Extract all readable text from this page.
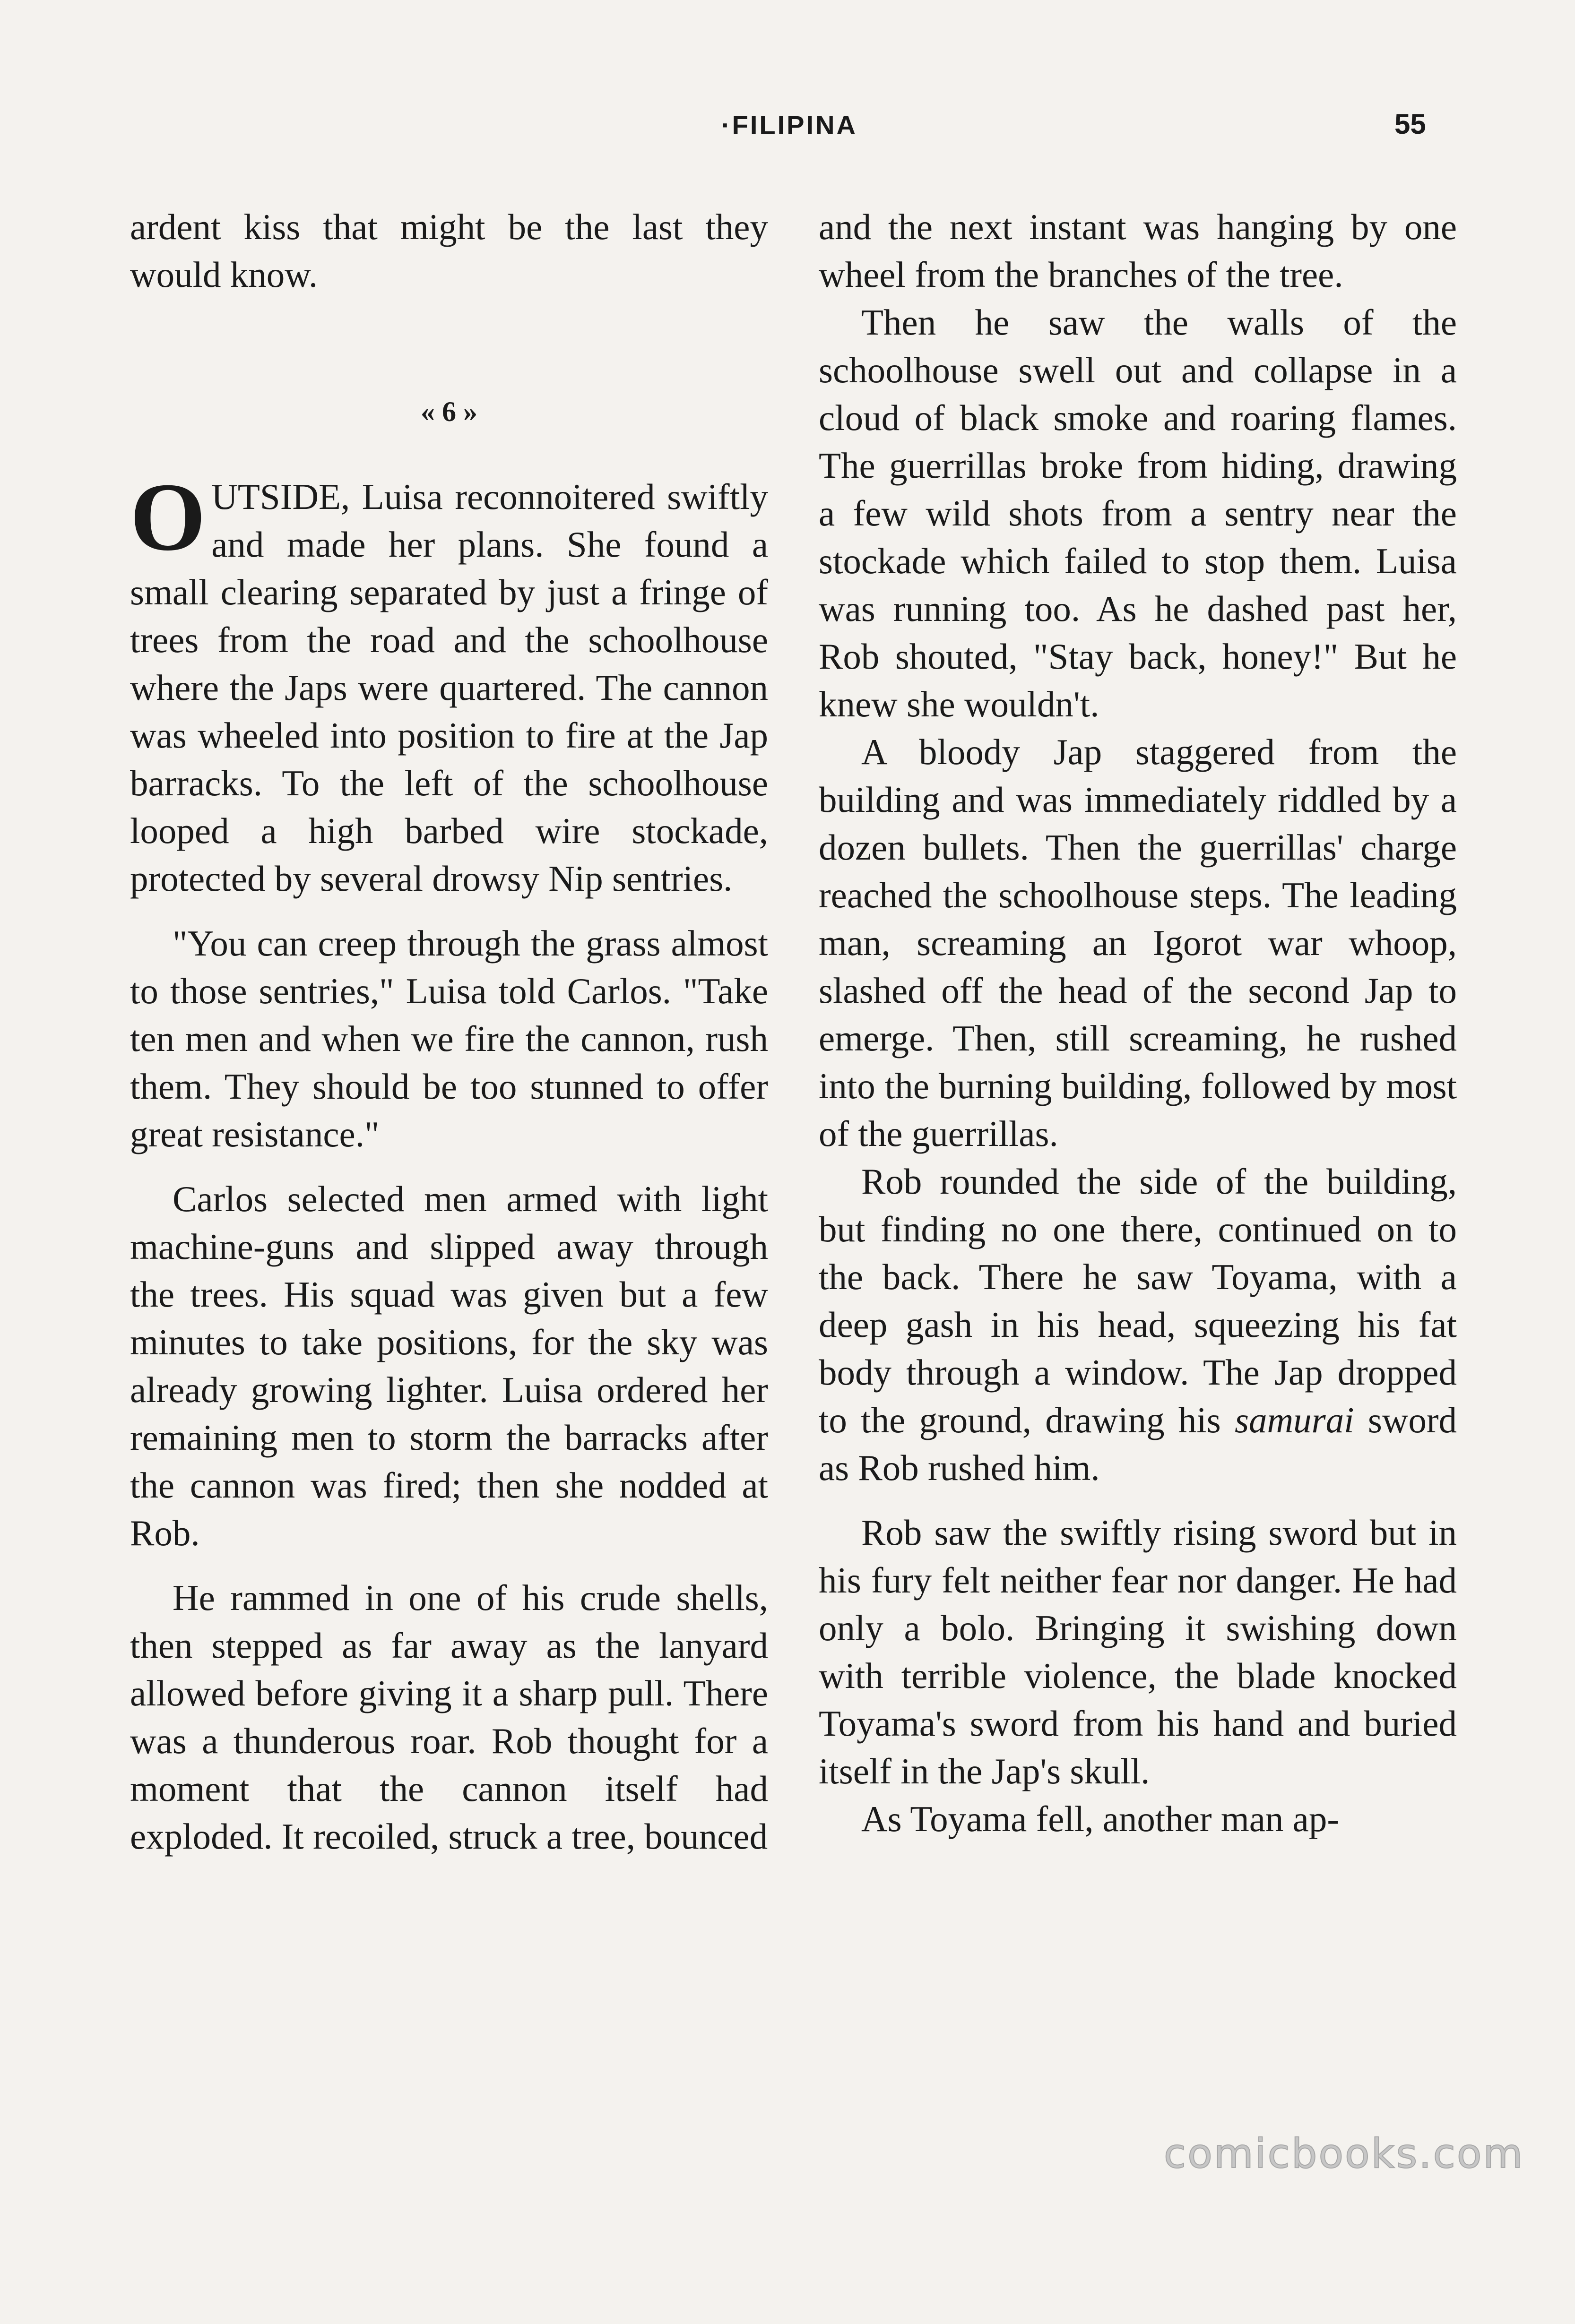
·FILIPINA	55

ardent kiss that might be the last they would know.

« 6 »

OUTSIDE, Luisa reconnoitered swiftly and made her plans. She found a small clearing separated by just a fringe of trees from the road and the schoolhouse where the Japs were quartered. The cannon was wheeled into position to fire at the Jap barracks. To the left of the schoolhouse looped a high barbed wire stockade, protected by several drowsy Nip sentries.

"You can creep through the grass almost to those sentries," Luisa told Carlos. "Take ten men and when we fire the cannon, rush them. They should be too stunned to offer great resistance."

Carlos selected men armed with light machine-guns and slipped away through the trees. His squad was given but a few minutes to take positions, for the sky was already growing lighter. Luisa ordered her remaining men to storm the barracks after the cannon was fired; then she nodded at Rob.

He rammed in one of his crude shells, then stepped as far away as the lanyard allowed before giving it a sharp pull. There was a thunderous roar. Rob thought for a moment that the cannon itself had exploded. It recoiled, struck a tree, bounced

and the next instant was hanging by one wheel from the branches of the tree.

Then he saw the walls of the schoolhouse swell out and collapse in a cloud of black smoke and roaring flames. The guerrillas broke from hiding, drawing a few wild shots from a sentry near the stockade which failed to stop them. Luisa was running too. As he dashed past her, Rob shouted, "Stay back, honey!" But he knew she wouldn't.

A bloody Jap staggered from the building and was immediately riddled by a dozen bullets. Then the guerrillas' charge reached the schoolhouse steps. The leading man, screaming an Igorot war whoop, slashed off the head of the second Jap to emerge. Then, still screaming, he rushed into the burning building, followed by most of the guerrillas.

Rob rounded the side of the building, but finding no one there, continued on to the back. There he saw Toyama, with a deep gash in his head, squeezing his fat body through a window. The Jap dropped to the ground, drawing his samurai sword as Rob rushed him.

Rob saw the swiftly rising sword but in his fury felt neither fear nor danger. He had only a bolo. Bringing it swishing down with terrible violence, the blade knocked Toyama's sword from his hand and buried itself in the Jap's skull.

As Toyama fell, another man ap-

comicbooks.com
